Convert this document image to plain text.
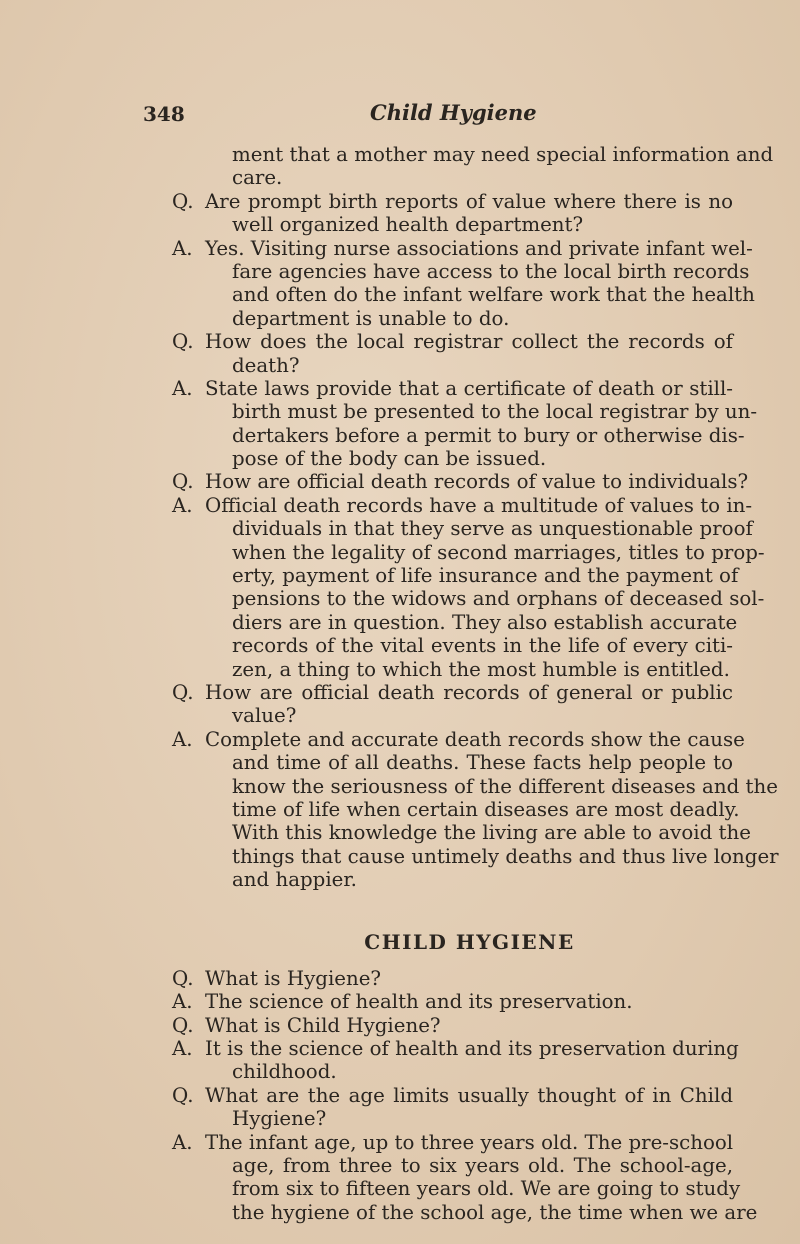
348	Child Hygiene
ment that a mother may need special information and
care.
Q. Are prompt birth reports of value where there is no
well organized health department?
A. Yes. Visiting nurse associations and private infant wel-
fare agencies have access to the local birth records
and often do the infant welfare work that the health
department is unable to do.
Q. How does the local registrar collect the records of
death?
A. State laws provide that a certificate of death or still-
birth must be presented to the local registrar by un-
dertakers before a permit to bury or otherwise dis-
pose of the body can be issued.
Q. How are official death records of value to individuals?
A. Official death records have a multitude of values to in-
dividuals in that they serve as unquestionable proof
when the legality of second marriages, titles to prop-
erty, payment of life insurance and the payment of
pensions to the widows and orphans of deceased sol-
diers are in question. They also establish accurate
records of the vital events in the life of every citi-
zen, a thing to which the most humble is entitled.
Q. How are official death records of general or public
value?
A. Complete and accurate death records show the cause
and time of all deaths. These facts help people to
know the seriousness of the different diseases and the
time of life when certain diseases are most deadly.
With this knowledge the living are able to avoid the
things that cause untimely deaths and thus live longer
and happier.
CHILD HYGIENE
Q. What is Hygiene?
A. The science of health and its preservation.
Q. What is Child Hygiene?
A. It is the science of health and its preservation during
childhood.
Q. What are the age limits usually thought of in Child
Hygiene?
A. The infant age, up to three years old. The pre-school
age, from three to six years old. The school-age,
from six to fifteen years old. We are going to study
the hygiene of the school age, the time when we are
